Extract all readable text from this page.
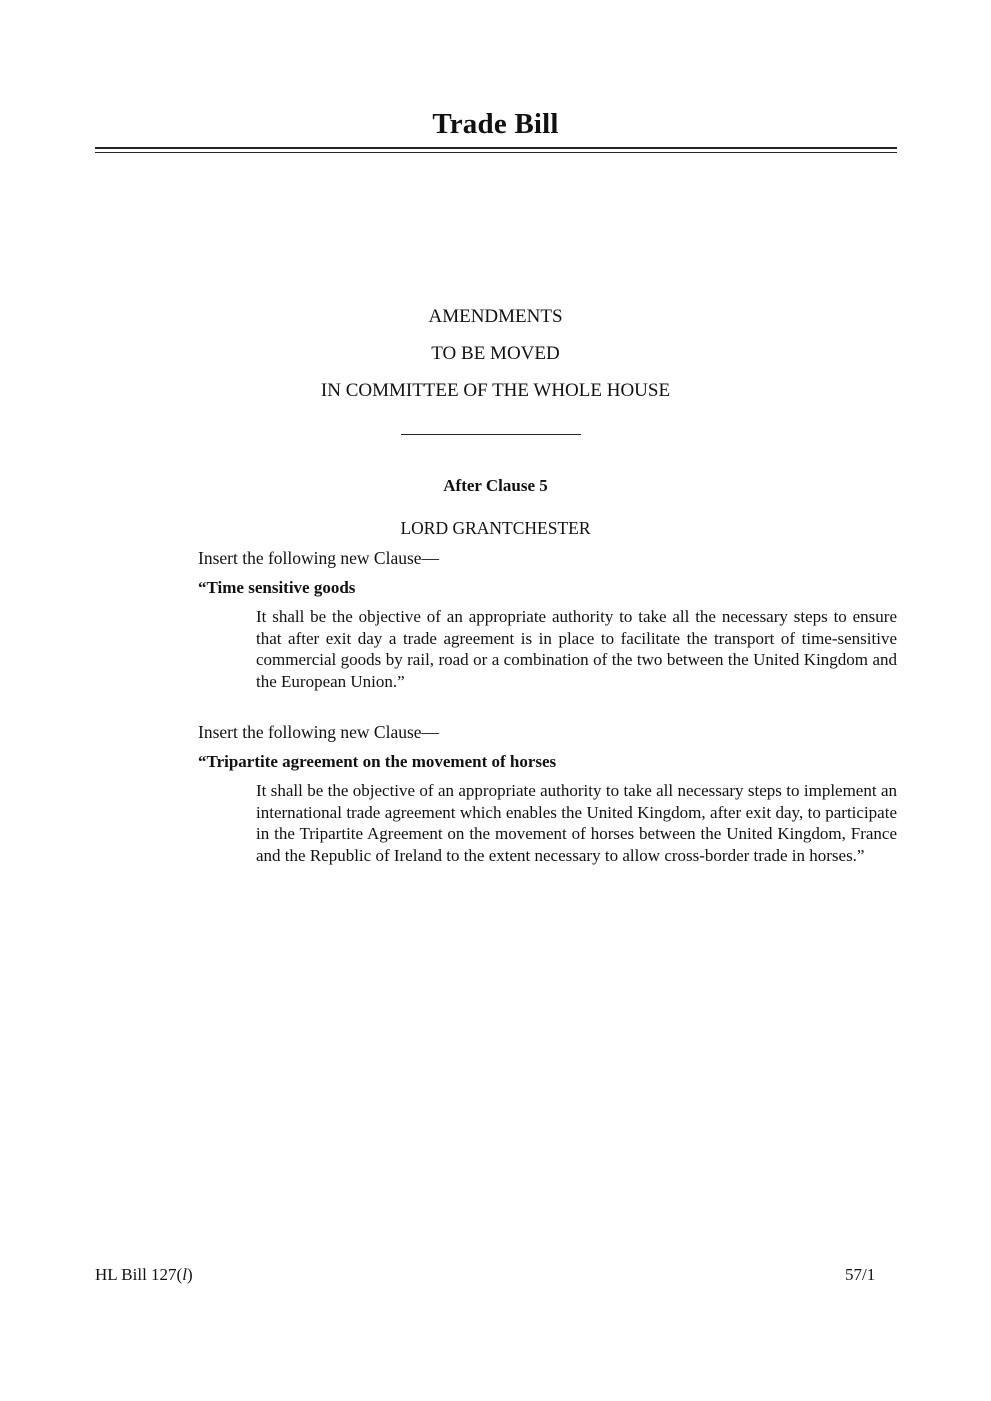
Trade Bill
AMENDMENTS
TO BE MOVED
IN COMMITTEE OF THE WHOLE HOUSE
After Clause 5
LORD GRANTCHESTER
Insert the following new Clause—
“Time sensitive goods
It shall be the objective of an appropriate authority to take all the necessary steps to ensure that after exit day a trade agreement is in place to facilitate the transport of time-sensitive commercial goods by rail, road or a combination of the two between the United Kingdom and the European Union.”
Insert the following new Clause—
“Tripartite agreement on the movement of horses
It shall be the objective of an appropriate authority to take all necessary steps to implement an international trade agreement which enables the United Kingdom, after exit day, to participate in the Tripartite Agreement on the movement of horses between the United Kingdom, France and the Republic of Ireland to the extent necessary to allow cross-border trade in horses.”
HL Bill 127(l)	57/1
